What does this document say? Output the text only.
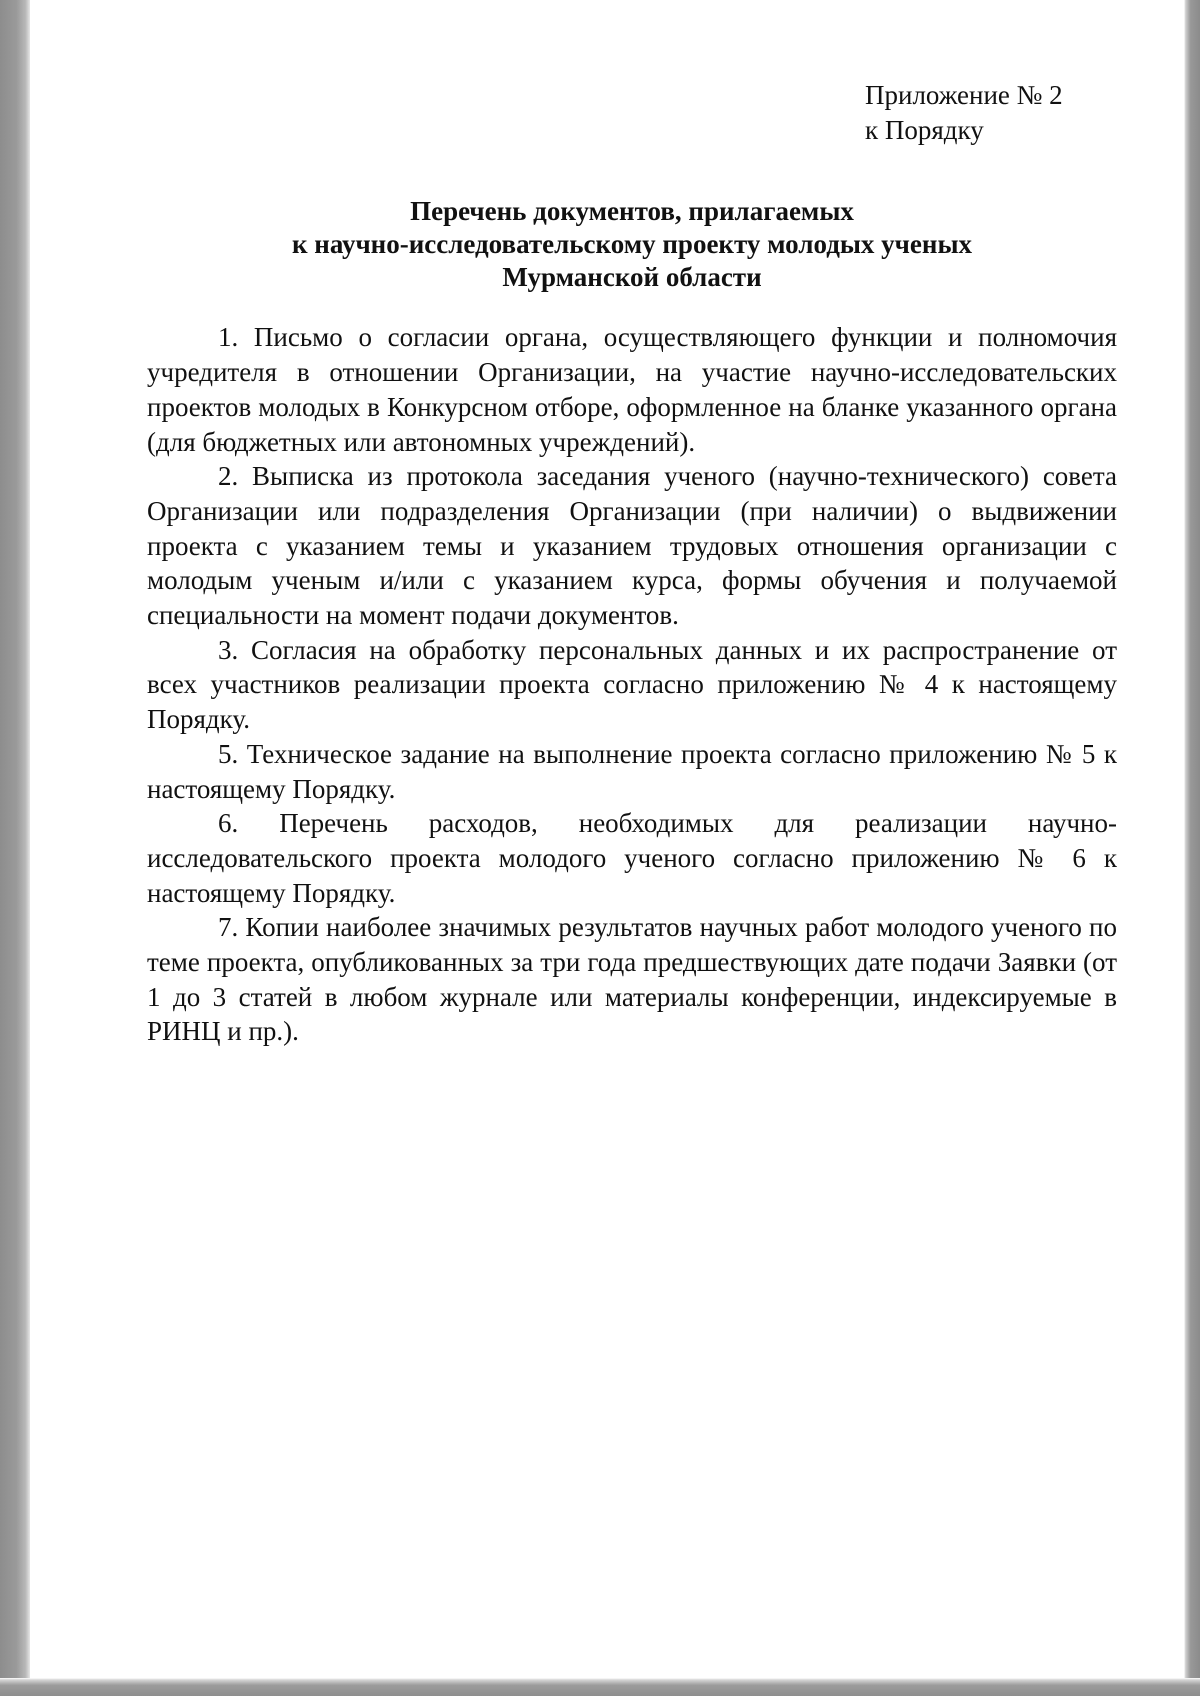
Приложение № 2
к Порядку
Перечень документов, прилагаемых
к научно-исследовательскому проекту молодых ученых
Мурманской области

1. Письмо о согласии органа, осуществляющего функции и полномочия учредителя в отношении Организации, на участие научно-исследовательских проектов молодых в Конкурсном отборе, оформленное на бланке указанного органа (для бюджетных или автономных учреждений).

2. Выписка из протокола заседания ученого (научно-технического) совета Организации или подразделения Организации (при наличии) о выдвижении проекта с указанием темы и указанием трудовых отношения организации с молодым ученым и/или с указанием курса, формы обучения и получаемой специальности на момент подачи документов.

3. Согласия на обработку персональных данных и их распространение от всех участников реализации проекта согласно приложению № 4 к настоящему Порядку.

5. Техническое задание на выполнение проекта согласно приложению № 5 к настоящему Порядку.

6. Перечень расходов, необходимых для реализации научно-исследовательского проекта молодого ученого согласно приложению № 6 к настоящему Порядку.

7. Копии наиболее значимых результатов научных работ молодого ученого по теме проекта, опубликованных за три года предшествующих дате подачи Заявки (от 1 до 3 статей в любом журнале или материалы конференции, индексируемые в РИНЦ и пр.).
